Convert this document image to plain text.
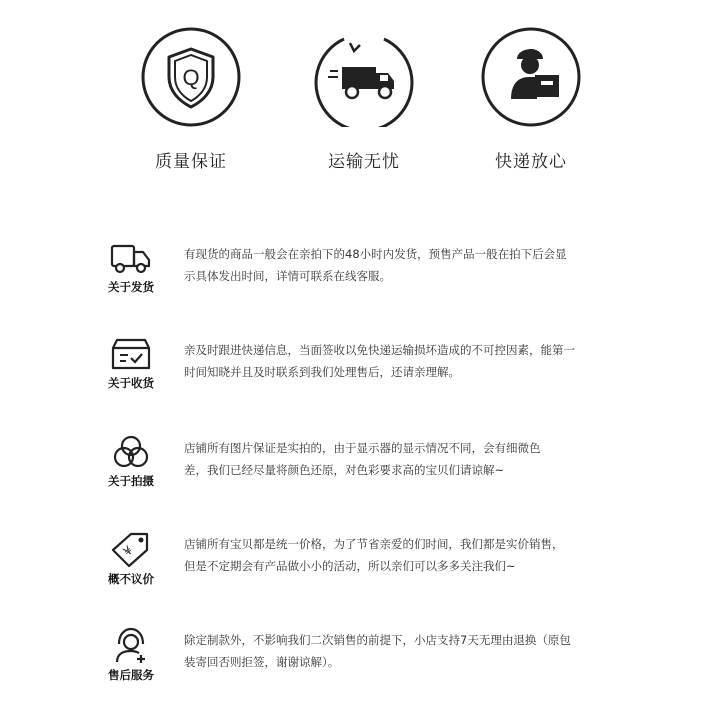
Q
质量保证	运输无忧	快递放心
关于发货
有现货的商品一般会在亲拍下的48小时内发货，预售产品一般在拍下后会显
示具体发出时间，详情可联系在线客服。
关于收货
亲及时跟进快递信息，当面签收以免快递运输损坏造成的不可控因素，能第一
时间知晓并且及时联系到我们处理售后，还请亲理解。
关于拍摄
店铺所有图片保证是实拍的，由于显示器的显示情况不同，会有细微色
差，我们已经尽量将颜色还原，对色彩要求高的宝贝们请谅解~
¥
概不议价
店铺所有宝贝都是统一价格，为了节省亲爱的们时间，我们都是实价销售，
但是不定期会有产品做小小的活动，所以亲们可以多多关注我们~
售后服务
除定制款外，不影响我们二次销售的前提下，小店支持7天无理由退换（原包
装寄回否则拒签，谢谢谅解）。
